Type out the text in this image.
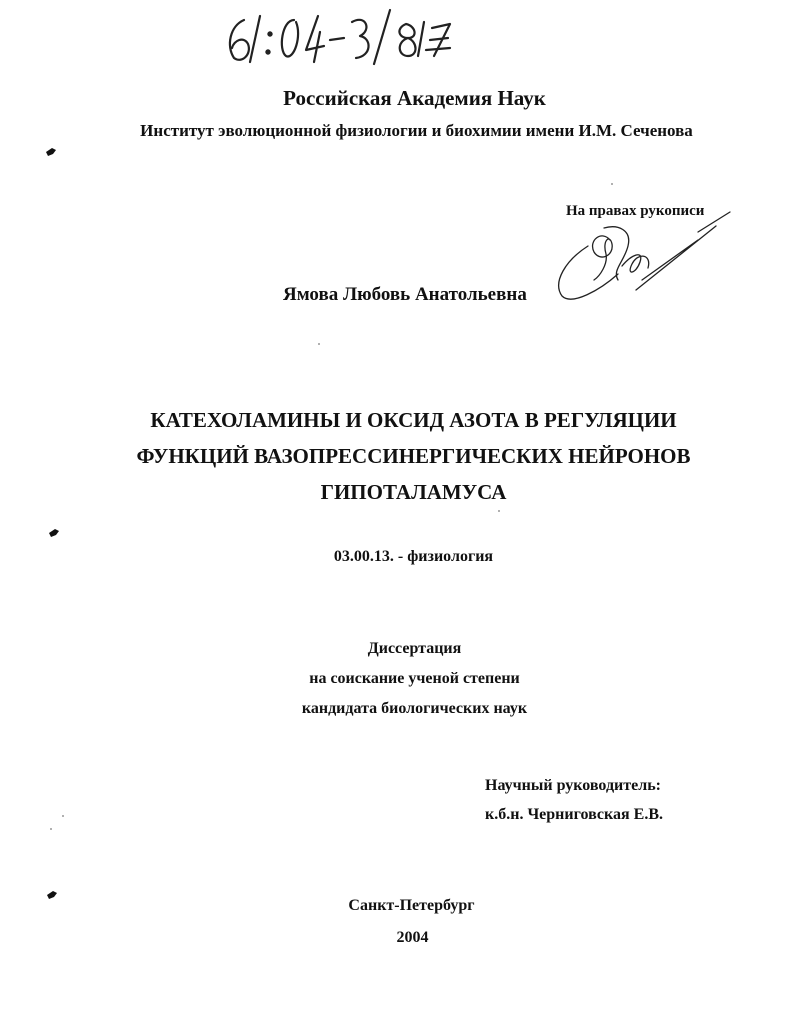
Российская Академия Наук
Институт эволюционной физиологии и биохимии имени И.М. Сеченова
На правах рукописи
Ямова Любовь Анатольевна
КАТЕХОЛАМИНЫ И ОКСИД АЗОТА В РЕГУЛЯЦИИ
ФУНКЦИЙ ВАЗОПРЕССИНЕРГИЧЕСКИХ НЕЙРОНОВ
ГИПОТАЛАМУСА
03.00.13. - физиология
Диссертация
на соискание ученой степени
кандидата биологических наук
Научный руководитель:
к.б.н. Черниговская Е.В.
Санкт-Петербург
2004
